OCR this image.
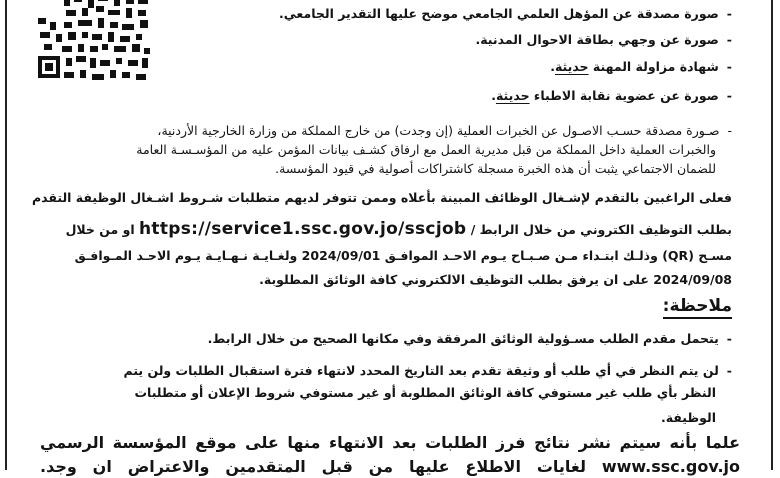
-صورة مصدقة عن المؤهل العلمي الجامعي موضح عليها التقدير الجامعي.
-صورة عن وجهي بطاقة الاحوال المدنية.
-شهادة مزاولة المهنة حديثة.
-صورة عن عضوية نقابة الاطباء حديثة.
-صـورة مصدقة حسـب الاصـول عن الخبرات العملية (إن وجدت) من خارج المملكة من وزارة الخارجية الأردنية،
والخبرات العملية داخل المملكة من قبل مديرية العمل مع ارفاق كشـف بيانات المؤمن عليه من المؤسـسـة العامة
للضمان الاجتماعي يثبت أن هذه الخبرة مسجلة كاشتراكات أصولية في قيود المؤسسة.
فعلى الراغبين بالتقدم لإشـغال الوظائف المبينة بأعلاه وممن تتوفر لديهم متطلبات شـروط اشـغال الوظيفة التقدم
بطلب التوظيف الكتروني من خلال الرابط / https://service1.ssc.gov.jo/sscjob او من خلال
مسـح (QR) وذلـك ابتـداء مـن صـبـاح يـوم الاحـد الموافـق 2024/09/01 ولغـايـة نـهـايـة يـوم الاحـد المـوافـق
2024/09/08 على ان يرفق بطلب التوظيف الالكتروني كافة الوثائق المطلوبة.
ملاحظة:
-يتحمل مقدم الطلب مسـؤولية الوثائق المرفقة وفي مكانها الصحيح من خلال الرابط.
-لن يتم النظر في أي طلب أو وثيقة تقدم بعد التاريخ المحدد لانتهاء فترة استقبال الطلبات ولن يتم
النظر بأي طلب غير مستوفي كافة الوثائق المطلوبة أو غير مستوفي شروط الإعلان أو متطلبات
الوظيفة.
علما بأنه سيتم نشر نتائج فرز الطلبات بعد الانتهاء منها على موقع المؤسسة الرسمي
www.ssc.gov.jo لغايات الاطلاع عليها من قبل المتقدمين والاعتراض ان وجد.
